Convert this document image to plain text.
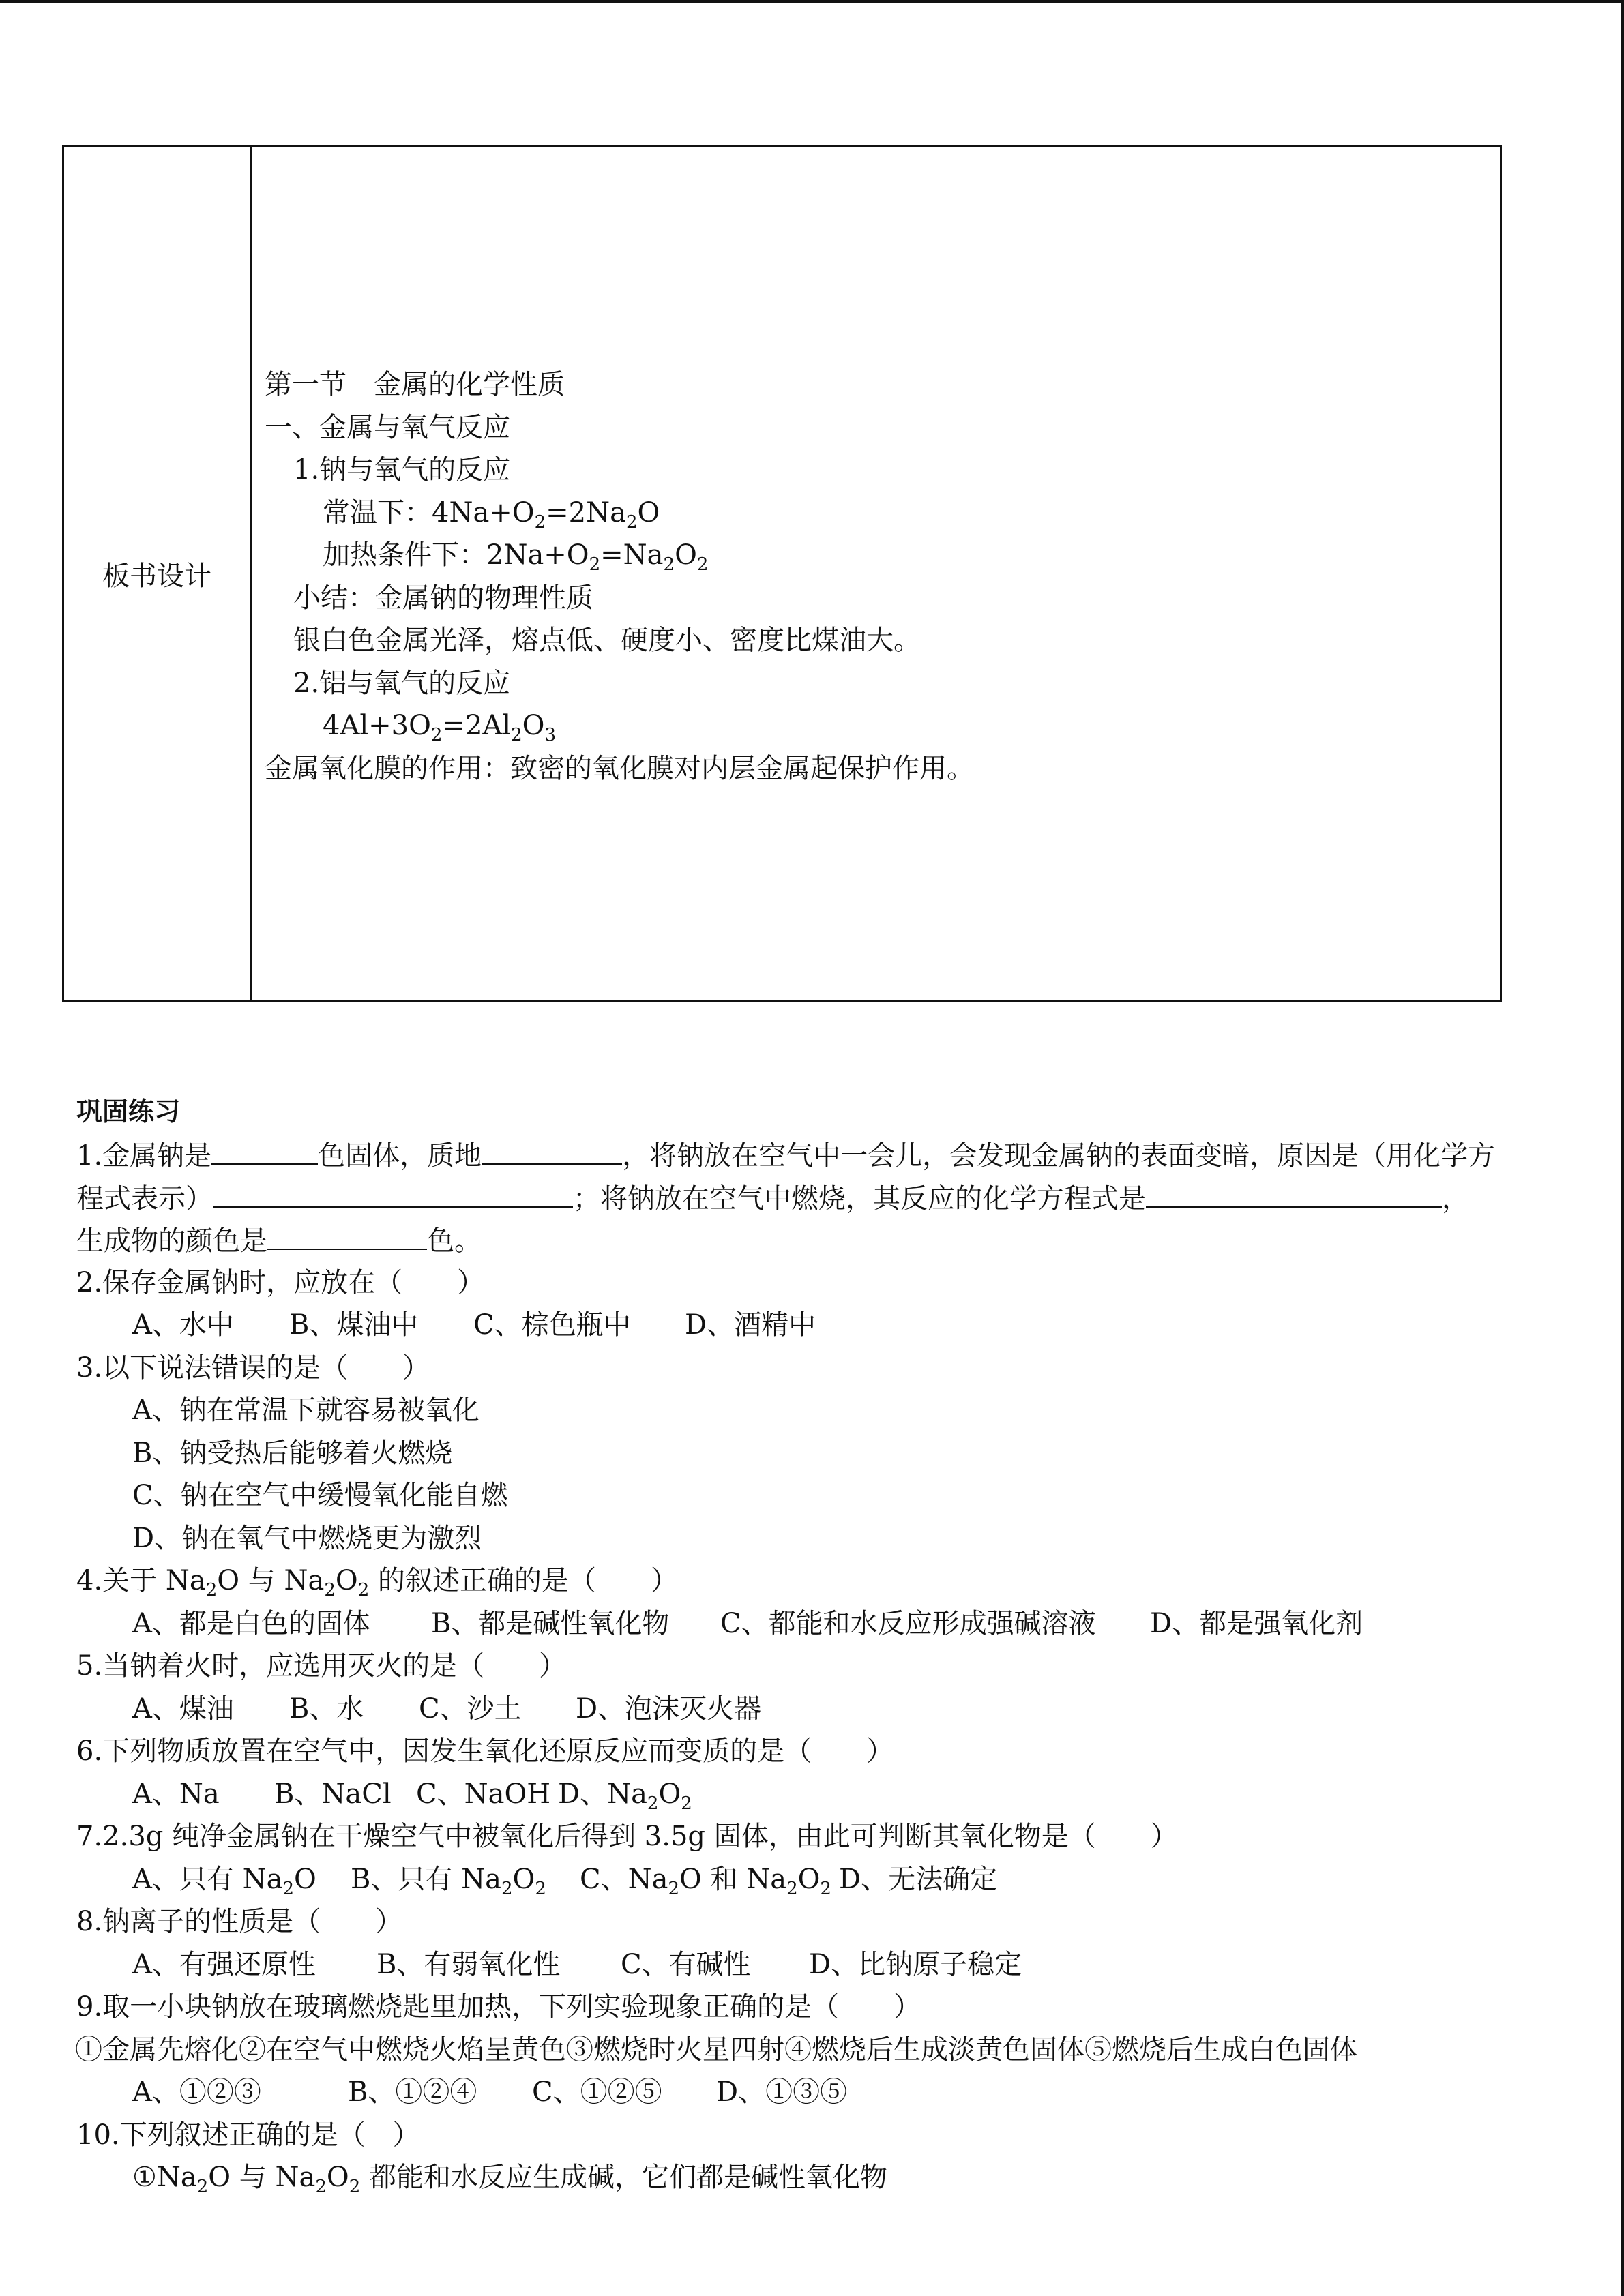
板书设计
第一节　金属的化学性质
一、金属与氧气反应
1.钠与氧气的反应
常温下：$4Na+O_2=2Na_2O$
加热条件下：$2Na+O_2=Na_2O_2$
小结：金属钠的物理性质
银白色金属光泽，熔点低、硬度小、密度比煤油大。
2.铝与氧气的反应
$4Al+3O_2=2Al_2O_3$
金属氧化膜的作用：致密的氧化膜对内层金属起保护作用。
巩固练习
1.金属钠是	色固体，质地	，将钠放在空气中一会儿，会发现金属钠的表面变暗，原因是（用化学方
程式表示）	；将钠放在空气中燃烧，其反应的化学方程式是	，
生成物的颜色是	色。
2.保存金属钠时，应放在（　　）
A、水中 B、煤油中 C、棕色瓶中 D、酒精中
3.以下说法错误的是（　　）
A、钠在常温下就容易被氧化
B、钠受热后能够着火燃烧
C、钠在空气中缓慢氧化能自燃
D、钠在氧气中燃烧更为激烈
4.关于 $Na_2O$ 与 $Na_2O_2$ 的叙述正确的是（　　）
A、都是白色的固体 B、都是碱性氧化物 C、都能和水反应形成强碱溶液 D、都是强氧化剂
5.当钠着火时，应选用灭火的是（　　）
A、煤油 B、水 C、沙土 D、泡沫灭火器
6.下列物质放置在空气中，因发生氧化还原反应而变质的是（　　）
A、Na B、NaCl C、NaOH D、$Na_2O_2$
7.2.3g 纯净金属钠在干燥空气中被氧化后得到 3.5g 固体，由此可判断其氧化物是（　　）
A、只有 $Na_2O$ B、只有 $Na_2O_2$ C、$Na_2O$ 和 $Na_2O_2$ D、无法确定
8.钠离子的性质是（　　）
A、有强还原性 B、有弱氧化性 C、有碱性 D、比钠原子稳定
9.取一小块钠放在玻璃燃烧匙里加热，下列实验现象正确的是（　　）
①金属先熔化②在空气中燃烧火焰呈黄色③燃烧时火星四射④燃烧后生成淡黄色固体⑤燃烧后生成白色固体
A、①②③	B、①②④ C、①②⑤ D、①③⑤
10.下列叙述正确的是（　）
$①Na_2O$ 与 $Na_2O_2$ 都能和水反应生成碱，它们都是碱性氧化物
